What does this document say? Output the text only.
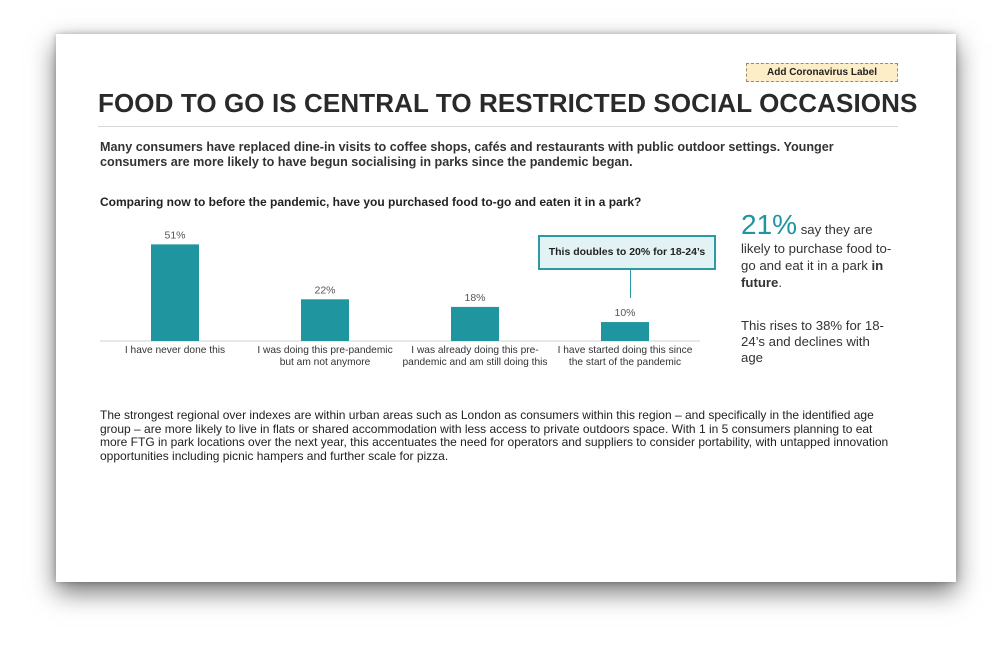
Add Coronavirus Label
FOOD TO GO IS CENTRAL TO RESTRICTED SOCIAL OCCASIONS
Many consumers have replaced dine-in visits to coffee shops, cafés and restaurants with public outdoor settings. Younger consumers are more likely to have begun socialising in parks since the pandemic began.
Comparing now to before the pandemic, have you purchased food to-go and eaten it in a park?
51%
22%
18%
10%
I have never done this	I was doing this pre-pandemic but am not anymore
I was already doing this pre-pandemic and am still doing this
I have started doing this since the start of the pandemic
This doubles to 20% for 18-24’s
21% say they are likely to purchase food to-go and eat it in a park in future.
This rises to 38% for 18-24’s and declines with age
The strongest regional over indexes are within urban areas such as London as consumers within this region – and specifically in the identified age group – are more likely to live in flats or shared accommodation with less access to private outdoors space. With 1 in 5 consumers planning to eat more FTG in park locations over the next year, this accentuates the need for operators and suppliers to consider portability, with untapped innovation opportunities including picnic hampers and further scale for pizza.
